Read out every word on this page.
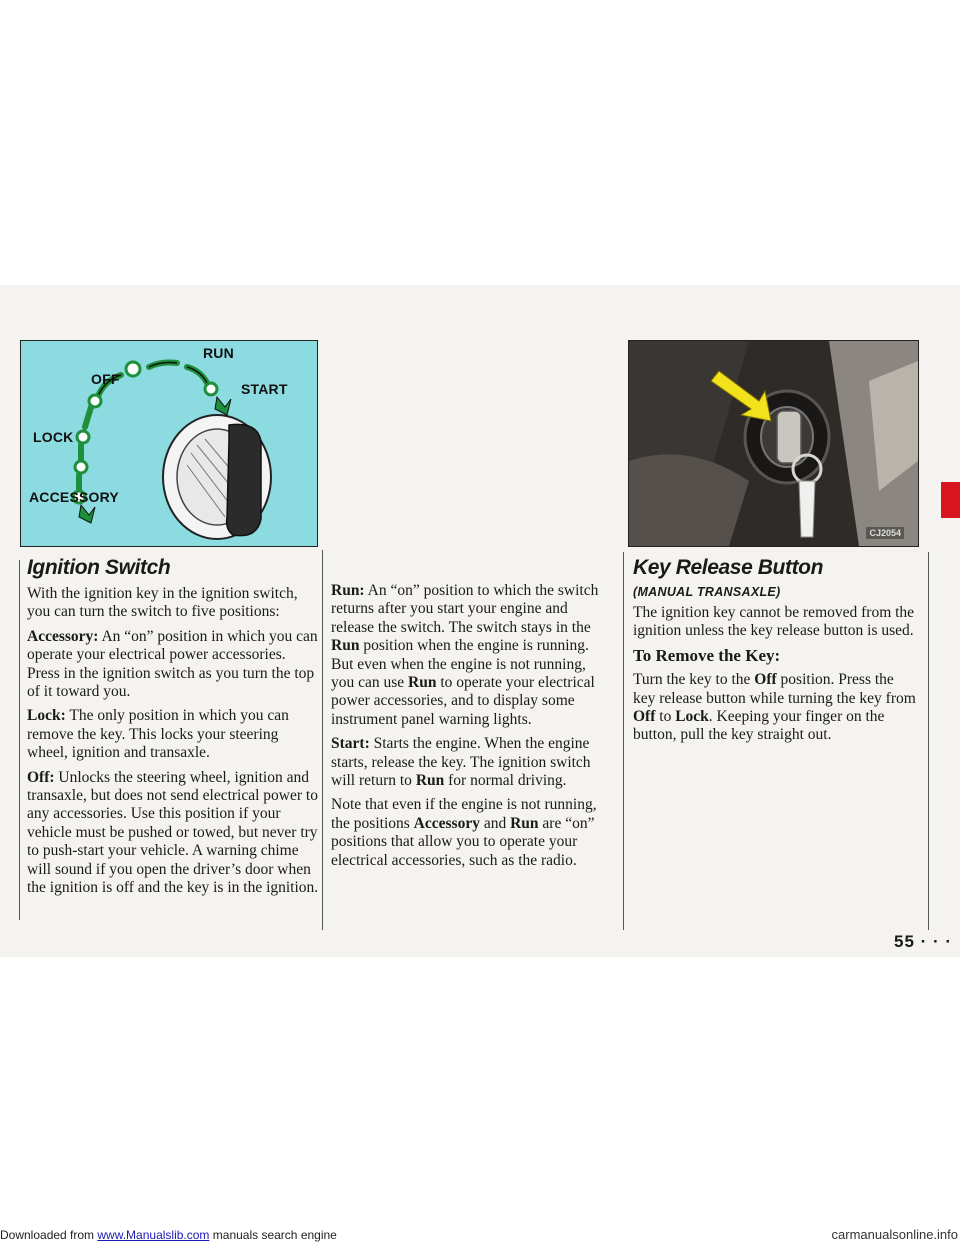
RUN
OFF
START
LOCK
ACCESSORY
CJ2054
Ignition Switch

With the ignition key in the ignition switch, you can turn the switch to five positions:

Accessory: An “on” position in which you can operate your electrical power accessories. Press in the ignition switch as you turn the top of it toward you.

Lock: The only position in which you can remove the key. This locks your steering wheel, ignition and transaxle.

Off: Unlocks the steering wheel, ignition and transaxle, but does not send electrical power to any accessories. Use this position if your vehicle must be pushed or towed, but never try to push-start your vehicle. A warning chime will sound if you open the driver’s door when the ignition is off and the key is in the ignition.

Run: An “on” position to which the switch returns after you start your engine and release the switch. The switch stays in the Run position when the engine is running. But even when the engine is not running, you can use Run to operate your electrical power accessories, and to display some instrument panel warning lights.

Start: Starts the engine. When the engine starts, release the key. The ignition switch will return to Run for normal driving.

Note that even if the engine is not running, the positions Accessory and Run are “on” positions that allow you to operate your electrical accessories, such as the radio.

Key Release Button
(MANUAL TRANSAXLE)

The ignition key cannot be removed from the ignition unless the key release button is used.

To Remove the Key:

Turn the key to the Off position. Press the key release button while turning the key from Off to Lock. Keeping your finger on the button, pull the key straight out.

55 · · ·
Downloaded from www.Manualslib.com manuals search engine	carmanualsonline.info
